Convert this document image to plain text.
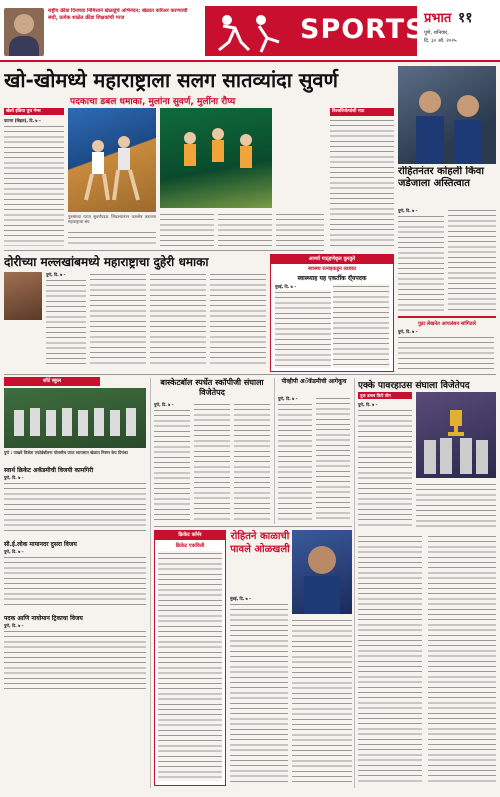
राष्ट्रीय क्रीडा दिनाच्या निमित्ताने खेळाडूंचे अभिनंदन; खेळात करिअर करण्याची संधी, प्रत्येक शाळेत क्रीडा शिक्षकांची गरज	SPORTS
प्रभात ११
पुणे, शनिवार,
दि. ३० ऑ. २०२५
खो-खोमध्ये महाराष्ट्राला सलग सातव्यांदा सुवर्ण
पदकाचा डबल धमाका, मुलांना सुवर्ण, मुलींना रौप्य
खेलो इंडिया युथ गेम्स
पाटणा (बिहार), दि. ७ –
पुरुषांच्या गटात सुवर्णपदक जिंकल्यानंतर जल्लोष करताना महाराष्ट्राचा संघ
विश्वविजेत्यांशी गाठ
रोहितनंतर कोहली किंवा जडेजाला अस्तित्वात
पुणे, दि. ७ –
दोरीच्या मल्लखांबमध्ये महाराष्ट्राचा दुहेरी धमाका
पुणे, दि. ७ –
आर्थ्या गाठ्हणेकृत कुरकुरे
स्वास्थ्य रत्नाइकडून लाडका
स्वास्थ्याह यह एकर्तीक रॉ्यपदक
मुंबई, दि. ७ –
पुढा लेखनेत आपलंसन सांगितले
पुणे, दि. ७ –
शॉर्ट स्कुल
पुणे : पाखवे विजेता एफोर्डबॉलना पोलसीच प्राप्त व्यापारात खेळात मिस्नर केप प्रियंका
स्वार्थ क्रिकेट अकॅडमीची विजयी कामगिरी
पुणे, दि. ७ –
सी.ई.लोक मायानदर दुसरा विजय
पुणे, दि. ७ –
पदक आणि नायोमान ट्रिकाचा विजय
पुणे, दि. ७ –
बास्केटबॉल स्पर्धेत स्कॉपीजी संघाला विजेतेपद
पुणे, दि. ७ –
पीव्हीपी अॅकॅडमीची आगेकूच
पुणे, दि. ७ –
एक्के पावरहाउस संघाला विजेतेपद
युवा उत्सव सिटी लीग
पुणे, दि. ७ –
क्रिकेट कॉर्नर
क्रिकेट एकविली
रोहितने काळाची पावले ओळखली
मुंबई, दि. ७ –
